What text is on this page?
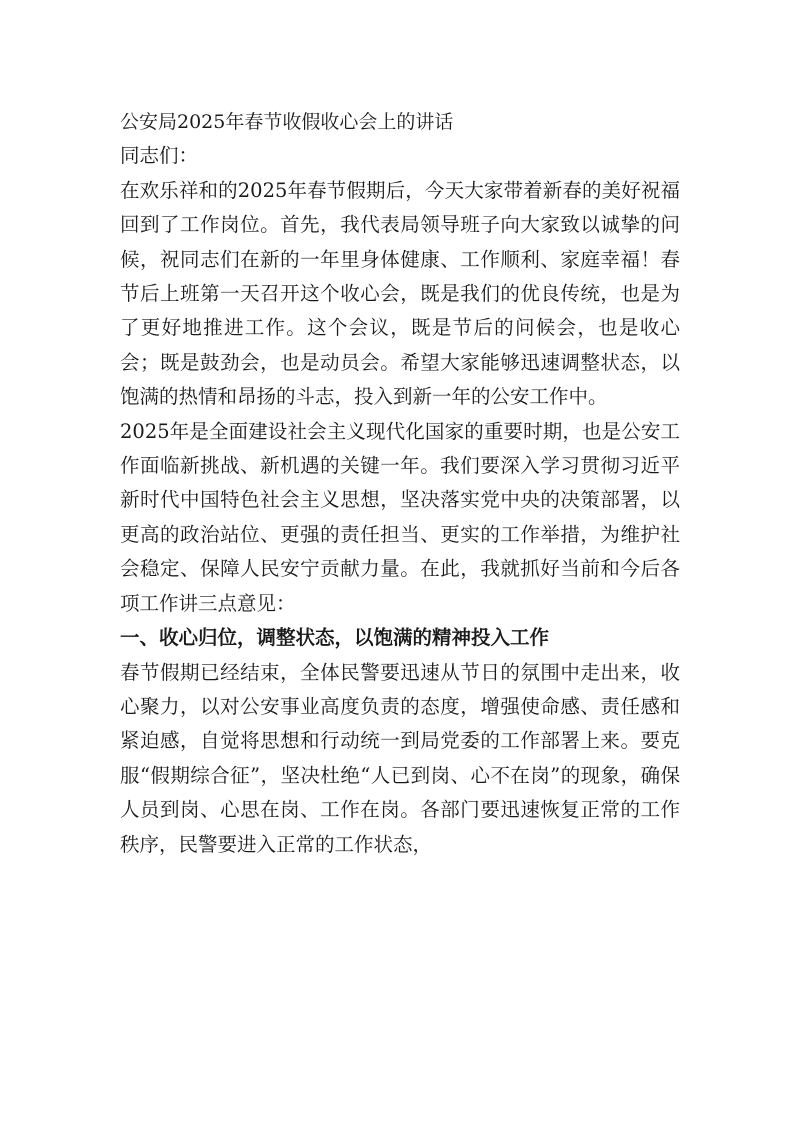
公安局2025年春节收假收心会上的讲话

同志们：

在欢乐祥和的2025年春节假期后，今天大家带着新春的美好祝福回到了工作岗位。首先，我代表局领导班子向大家致以诚挚的问候，祝同志们在新的一年里身体健康、工作顺利、家庭幸福！春节后上班第一天召开这个收心会，既是我们的优良传统，也是为了更好地推进工作。这个会议，既是节后的问候会，也是收心会；既是鼓劲会，也是动员会。希望大家能够迅速调整状态，以饱满的热情和昂扬的斗志，投入到新一年的公安工作中。

2025年是全面建设社会主义现代化国家的重要时期，也是公安工作面临新挑战、新机遇的关键一年。我们要深入学习贯彻习近平新时代中国特色社会主义思想，坚决落实党中央的决策部署，以更高的政治站位、更强的责任担当、更实的工作举措，为维护社会稳定、保障人民安宁贡献力量。在此，我就抓好当前和今后各项工作讲三点意见：

一、收心归位，调整状态，以饱满的精神投入工作

春节假期已经结束，全体民警要迅速从节日的氛围中走出来，收心聚力，以对公安事业高度负责的态度，增强使命感、责任感和紧迫感，自觉将思想和行动统一到局党委的工作部署上来。要克服“假期综合征”，坚决杜绝“人已到岗、心不在岗”的现象，确保人员到岗、心思在岗、工作在岗。各部门要迅速恢复正常的工作秩序，民警要进入正常的工作状态，
